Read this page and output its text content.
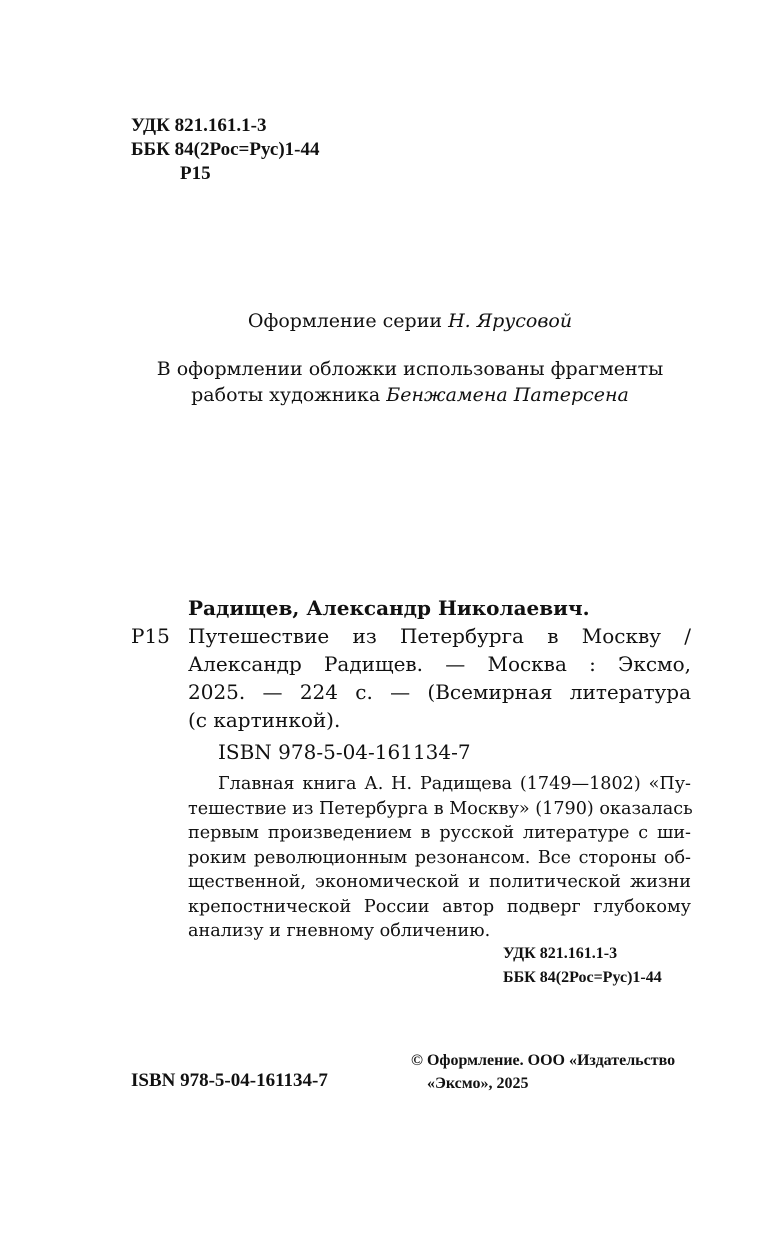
УДК 821.161.1-3
ББК 84(2Рос=Рус)1-44
Р15
Оформление серии Н. Ярусовой
В оформлении обложки использованы фрагменты
работы художника Бенжамена Патерсена
Радищев, Александр Николаевич.
Р15 Путешествие из Петербурга в Москву /
Александр Радищев. — Москва : Эксмо,
2025. — 224 с. — (Всемирная литература
(с картинкой).
ISBN 978-5-04-161134-7
Главная книга А. Н. Радищева (1749—1802) «Пу-
тешествие из Петербурга в Москву» (1790) оказалась
первым произведением в русской литературе с ши-
роким революционным резонансом. Все стороны об-
щественной, экономической и политической жизни
крепостнической России автор подверг глубокому
анализу и гневному обличению.
УДК 821.161.1-3
ББК 84(2Рос=Рус)1-44
ISBN 978-5-04-161134-7
© Оформление. ООО «Издательство
«Эксмо», 2025
